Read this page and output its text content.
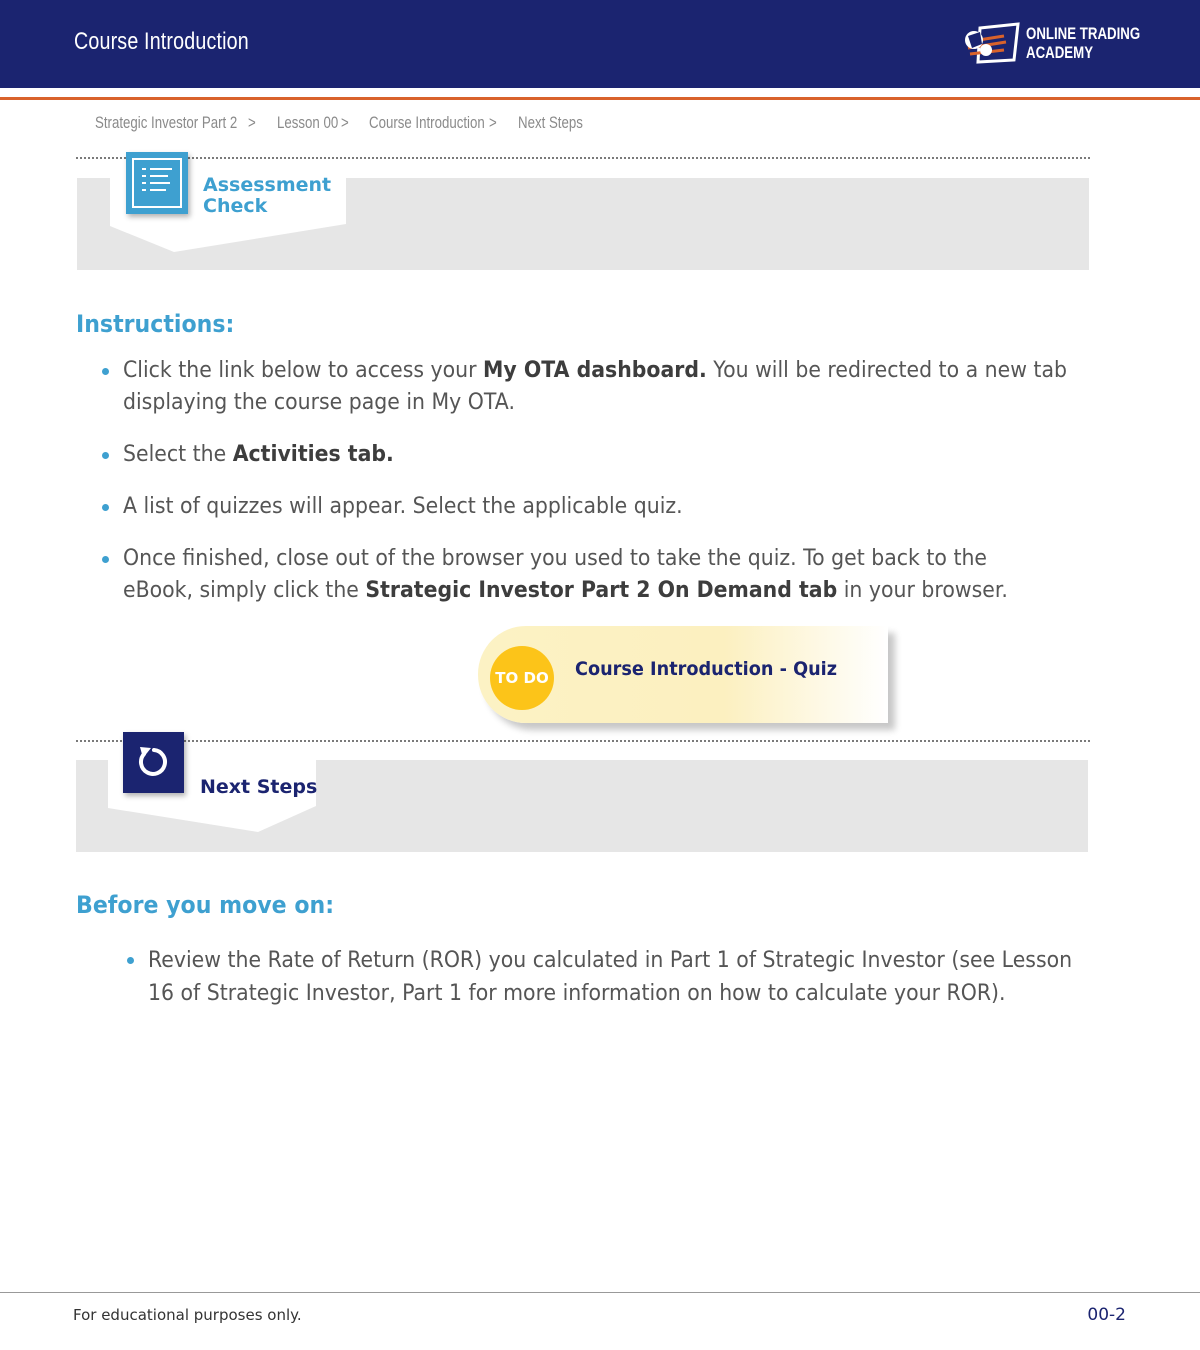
Course Introduction	ONLINE TRADING
ACADEMY
Strategic Investor Part 2 > Lesson 00 > Course Introduction > Next Steps
Assessment
Check
Instructions:
Click the link below to access your My OTA dashboard. You will be redirected to a new tab displaying the course page in My OTA.
Select the Activities tab.
A list of quizzes will appear. Select the applicable quiz.
Once finished, close out of the browser you used to take the quiz. To get back to the eBook, simply click the Strategic Investor Part 2 On Demand tab in your browser.
TO DO Course Introduction - Quiz
Next Steps
Before you move on:
Review the Rate of Return (ROR) you calculated in Part 1 of Strategic Investor (see Lesson 16 of Strategic Investor, Part 1 for more information on how to calculate your ROR).
For educational purposes only.	00-2
